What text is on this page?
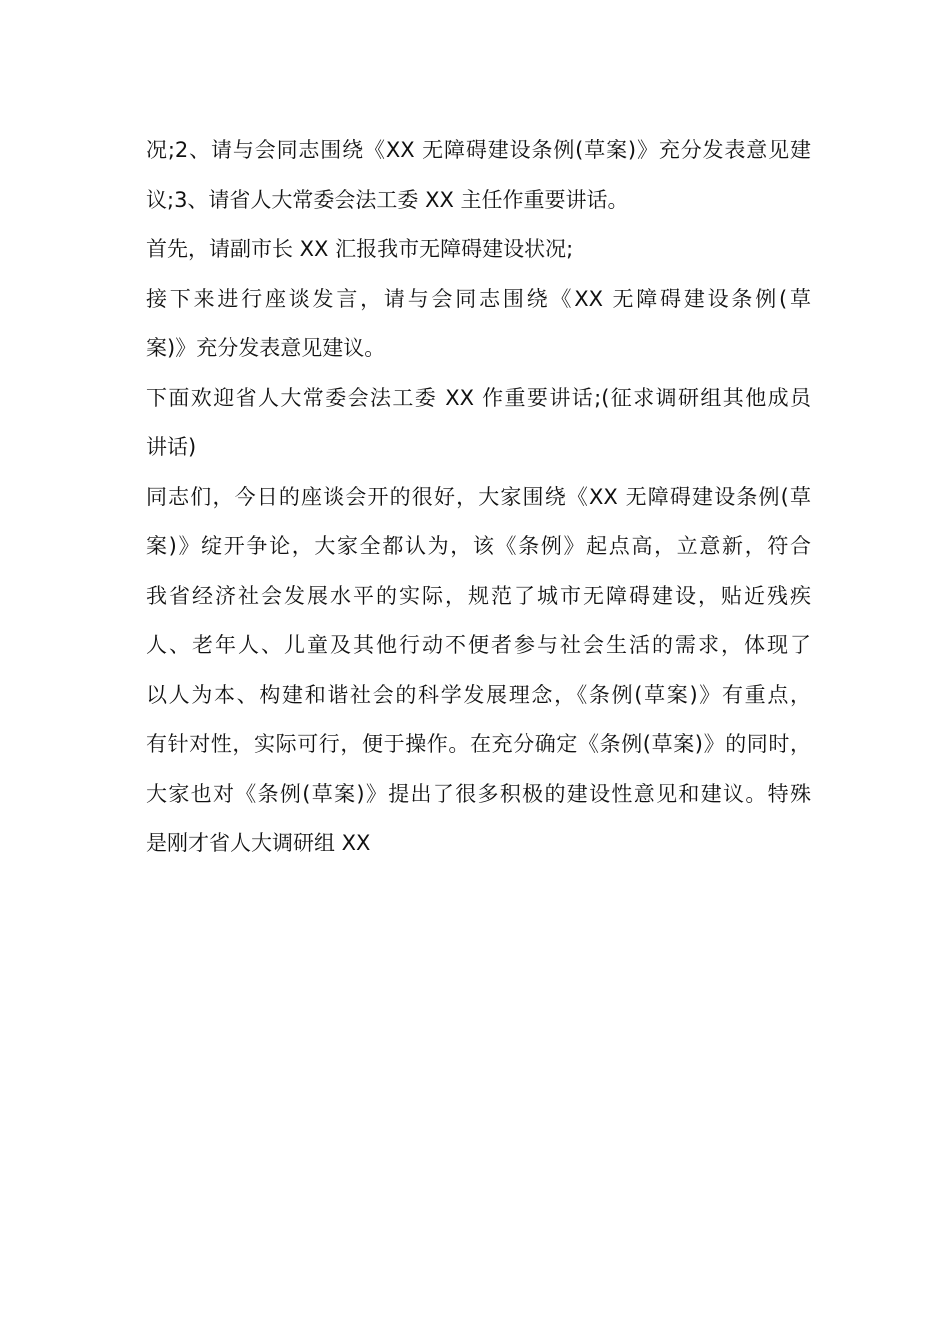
况;2、请与会同志围绕《XX 无障碍建设条例(草案)》充分发表意见建
议;3、请省人大常委会法工委 XX 主任作重要讲话。
首先，请副市长 XX 汇报我市无障碍建设状况;
接下来进行座谈发言，请与会同志围绕《XX 无障碍建设条例(草
案)》充分发表意见建议。
下面欢迎省人大常委会法工委 XX 作重要讲话;(征求调研组其他成员
讲话)
同志们，今日的座谈会开的很好，大家围绕《XX 无障碍建设条例(草
案)》绽开争论，大家全都认为，该《条例》起点高，立意新，符合
我省经济社会发展水平的实际，规范了城市无障碍建设，贴近残疾
人、老年人、儿童及其他行动不便者参与社会生活的需求，体现了
以人为本、构建和谐社会的科学发展理念，《条例(草案)》有重点，
有针对性，实际可行，便于操作。在充分确定《条例(草案)》的同时，
大家也对《条例(草案)》提出了很多积极的建设性意见和建议。特殊
是刚才省人大调研组 XX
